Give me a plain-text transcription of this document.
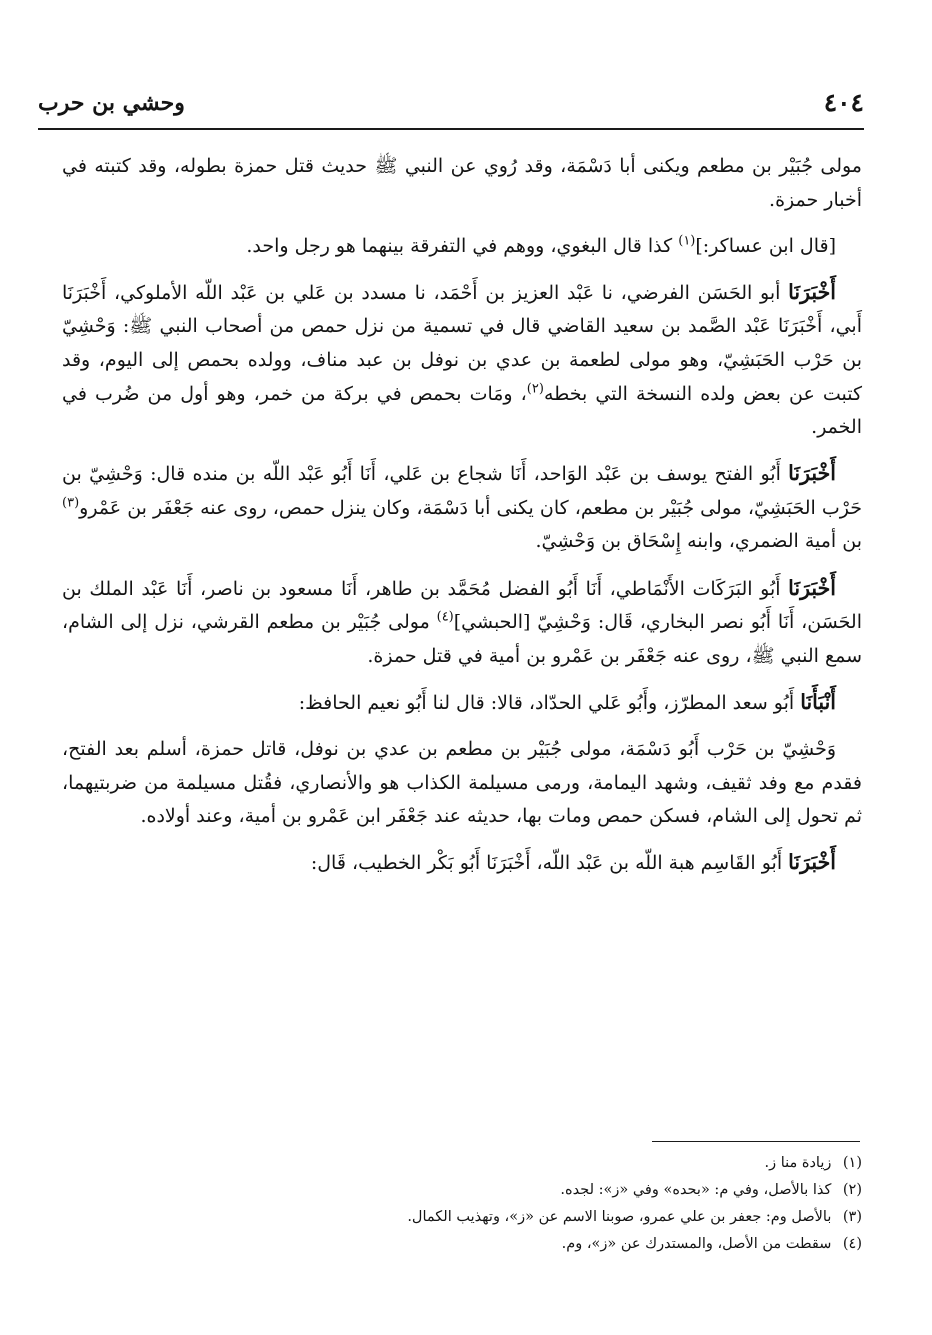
٤٠٤
وحشي بن حرب

مولى جُبَيْر بن مطعم ويكنى أبا دَسْمَة، وقد رُوي عن النبي ﷺ حديث قتل حمزة بطوله، وقد كتبته في أخبار حمزة.

[قال ابن عساكر:]$^{(١)}$ كذا قال البغوي، ووهم في التفرقة بينهما هو رجل واحد.

أَخْبَرَنَا أبو الحَسَن الفرضي، نا عَبْد العزيز بن أَحْمَد، نا مسدد بن عَلي بن عَبْد اللّه الأملوكي، أَخْبَرَنَا أَبي، أَخْبَرَنَا عَبْد الصَّمد بن سعيد القاضي قال في تسمية من نزل حمص من أصحاب النبي ﷺ: وَحْشِيّ بن حَرْب الحَبَشِيّ، وهو مولى لطعمة بن عدي بن نوفل بن عبد مناف، وولده بحمص إلى اليوم، وقد كتبت عن بعض ولده النسخة التي بخطه$^{(٢)}$، ومَات بحمص في بركة من خمر، وهو أول من ضُرب في الخمر.

أَخْبَرَنَا أَبُو الفتح يوسف بن عَبْد الوَاحد، أَنَا شجاع بن عَلي، أَنَا أَبُو عَبْد اللّه بن منده قال: وَحْشِيّ بن حَرْب الحَبَشِيّ، مولى جُبَيْر بن مطعم، كان يكنى أبا دَسْمَة، وكان ينزل حمص، روى عنه جَعْفَر بن عَمْرو$^{(٣)}$ بن أمية الضمري، وابنه إِسْحَاق بن وَحْشِيّ.

أَخْبَرَنَا أَبُو البَرَكَات الأَنْمَاطي، أَنَا أَبُو الفضل مُحَمَّد بن طاهر، أَنَا مسعود بن ناصر، أَنَا عَبْد الملك بن الحَسَن، أَنَا أَبُو نصر البخاري، قَال: وَحْشِيّ [الحبشي]$^{(٤)}$ مولى جُبَيْر بن مطعم القرشي، نزل إلى الشام، سمع النبي ﷺ، روى عنه جَعْفَر بن عَمْرو بن أمية في قتل حمزة.

أَنْبَأَنَا أَبُو سعد المطرّز، وأَبُو عَلي الحدّاد، قالا: قال لنا أَبُو نعيم الحافظ:

وَحْشِيّ بن حَرْب أَبُو دَسْمَة، مولى جُبَيْر بن مطعم بن عدي بن نوفل، قاتل حمزة، أسلم بعد الفتح، فقدم مع وفد ثقيف، وشهد اليمامة، ورمى مسيلمة الكذاب هو والأنصاري، فقُتل مسيلمة من ضربتيهما، ثم تحول إلى الشام، فسكن حمص ومات بها، حديثه عند جَعْفَر ابن عَمْرو بن أمية، وعند أولاده.

أَخْبَرَنَا أَبُو القَاسِم هبة اللّه بن عَبْد اللّه، أَخْبَرَنَا أَبُو بَكْر الخطيب، قَال:

(١) زيادة منا ز.

(٢) كذا بالأصل، وفي م: «بحده» وفي «ز»: لجده.

(٣) بالأصل وم: جعفر بن علي عمرو، صوبنا الاسم عن «ز»، وتهذيب الكمال.

(٤) سقطت من الأصل، والمستدرك عن «ز»، وم.
